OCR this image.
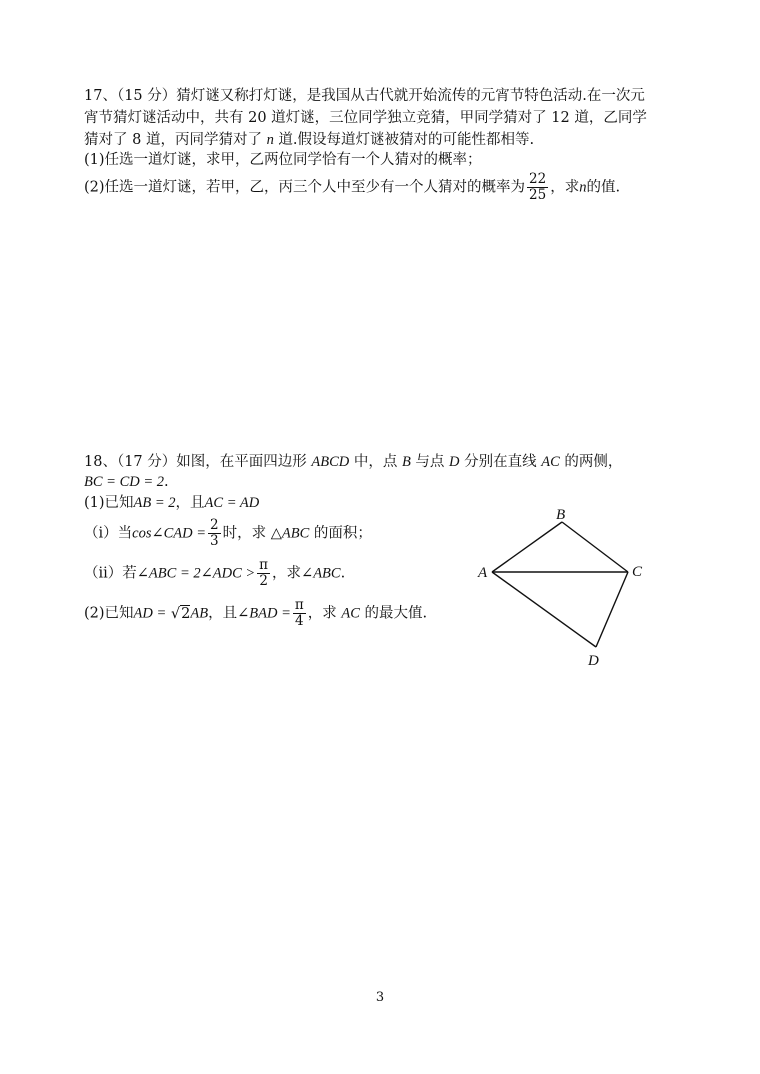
17、（15 分）猜灯谜又称打灯谜，是我国从古代就开始流传的元宵节特色活动.在一次元
宵节猜灯谜活动中，共有 20 道灯谜，三位同学独立竞猜，甲同学猜对了 12 道，乙同学
猜对了 8 道，丙同学猜对了 n 道.假设每道灯谜被猜对的可能性都相等.
(1)任选一道灯谜，求甲，乙两位同学恰有一个人猜对的概率；
(2)任选一道灯谜，若甲，乙，丙三个人中至少有一个人猜对的概率为 $\frac{22}{25}$ ，求n的值.
18、（17 分）如图，在平面四边形 ABCD 中，点 B 与点 D 分别在直线 AC 的两侧，
BC = CD = 2.
(1)已知AB = 2，且AC = AD
（i）当cos∠CAD = $\frac{2}{3}$ 时，求 △ABC 的面积；
（ii）若∠ABC = 2∠ADC > $\frac{\pi}{2}$ ，求∠ABC.
(2)已知AD = √2AB，且∠BAD = $\frac{\pi}{4}$ ，求 AC 的最大值.
B
A	C
D
3
